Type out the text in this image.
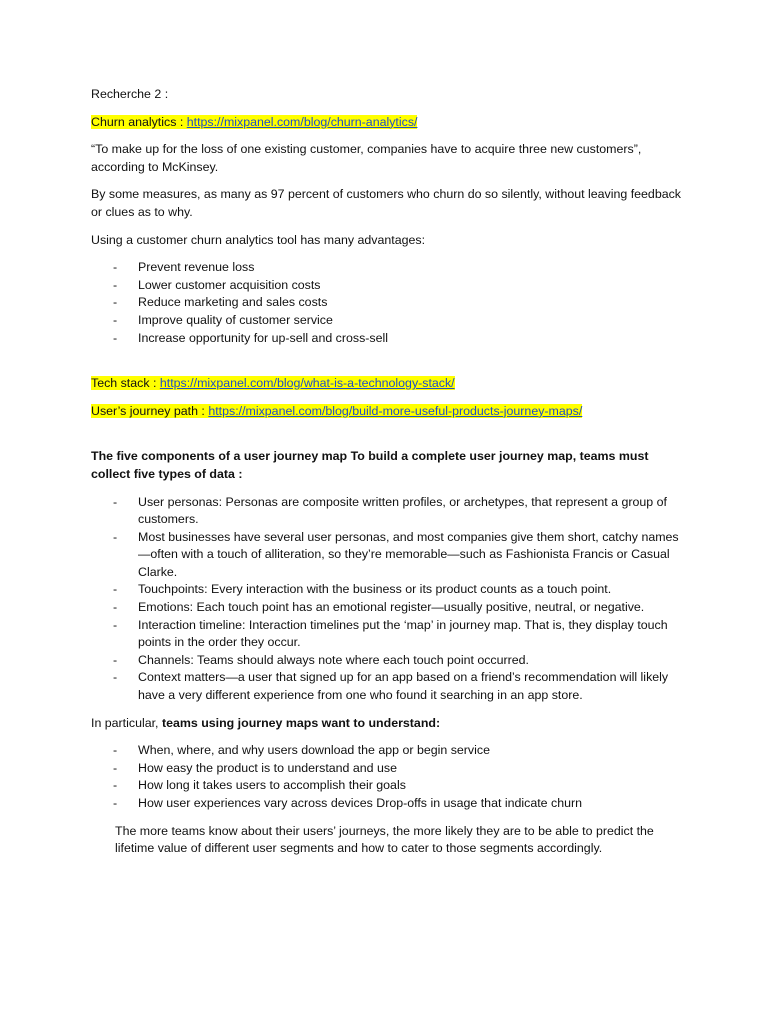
Recherche 2 :

Churn analytics : https://mixpanel.com/blog/churn-analytics/

“To make up for the loss of one existing customer, companies have to acquire three new customers”, according to McKinsey.

By some measures, as many as 97 percent of customers who churn do so silently, without leaving feedback or clues as to why.

Using a customer churn analytics tool has many advantages:

- Prevent revenue loss
- Lower customer acquisition costs
- Reduce marketing and sales costs
- Improve quality of customer service
- Increase opportunity for up-sell and cross-sell

Tech stack : https://mixpanel.com/blog/what-is-a-technology-stack/

User’s journey path : https://mixpanel.com/blog/build-more-useful-products-journey-maps/

The five components of a user journey map To build a complete user journey map, teams must collect five types of data :

- User personas: Personas are composite written profiles, or archetypes, that represent a group of customers.
- Most businesses have several user personas, and most companies give them short, catchy names—often with a touch of alliteration, so they’re memorable—such as Fashionista Francis or Casual Clarke.
- Touchpoints: Every interaction with the business or its product counts as a touch point.
- Emotions: Each touch point has an emotional register—usually positive, neutral, or negative.
- Interaction timeline: Interaction timelines put the ‘map’ in journey map. That is, they display touch points in the order they occur.
- Channels: Teams should always note where each touch point occurred.
- Context matters—a user that signed up for an app based on a friend’s recommendation will likely have a very different experience from one who found it searching in an app store.

In particular, teams using journey maps want to understand:

- When, where, and why users download the app or begin service
- How easy the product is to understand and use
- How long it takes users to accomplish their goals
- How user experiences vary across devices Drop-offs in usage that indicate churn

The more teams know about their users’ journeys, the more likely they are to be able to predict the lifetime value of different user segments and how to cater to those segments accordingly.
